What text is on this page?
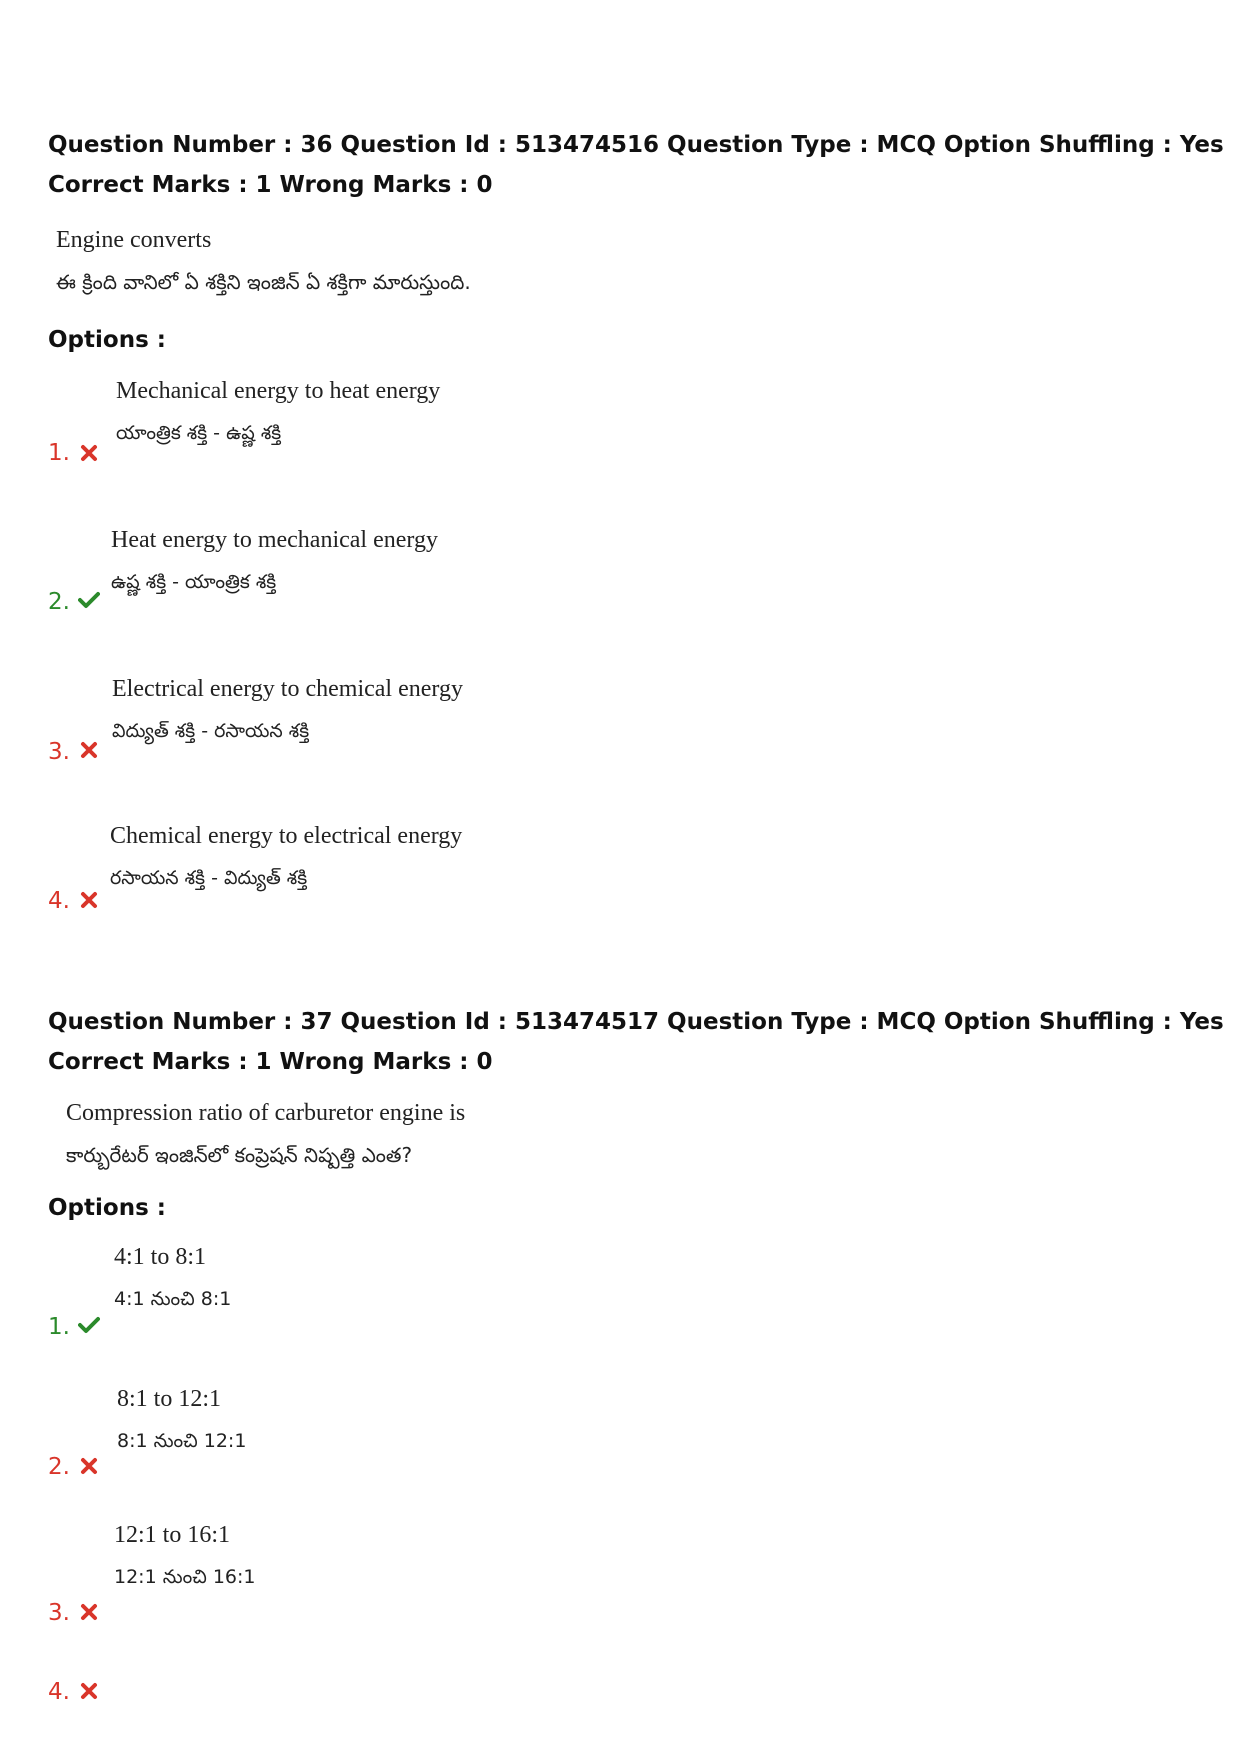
Question Number : 36 Question Id : 513474516 Question Type : MCQ Option Shuffling : Yes
Correct Marks : 1 Wrong Marks : 0
Engine converts
ఈ క్రింది వానిలో ఏ శక్తిని ఇంజిన్ ఏ శక్తిగా మారుస్తుంది.
Options :
Mechanical energy to heat energy
యాంత్రిక శక్తి - ఉష్ణ శక్తి
1.
Heat energy to mechanical energy
ఉష్ణ శక్తి - యాంత్రిక శక్తి
2.
Electrical energy to chemical energy
విద్యుత్ శక్తి - రసాయన శక్తి
3.
Chemical energy to electrical energy
రసాయన శక్తి - విద్యుత్ శక్తి
4.
Question Number : 37 Question Id : 513474517 Question Type : MCQ Option Shuffling : Yes
Correct Marks : 1 Wrong Marks : 0
Compression ratio of carburetor engine is
కార్బురేటర్ ఇంజిన్‌లో కంప్రెషన్ నిష్పత్తి ఎంత?
Options :
4:1 to 8:1
4:1 నుంచి 8:1
1.
8:1 to 12:1
8:1 నుంచి 12:1
2.
12:1 to 16:1
12:1 నుంచి 16:1
3.
4.
